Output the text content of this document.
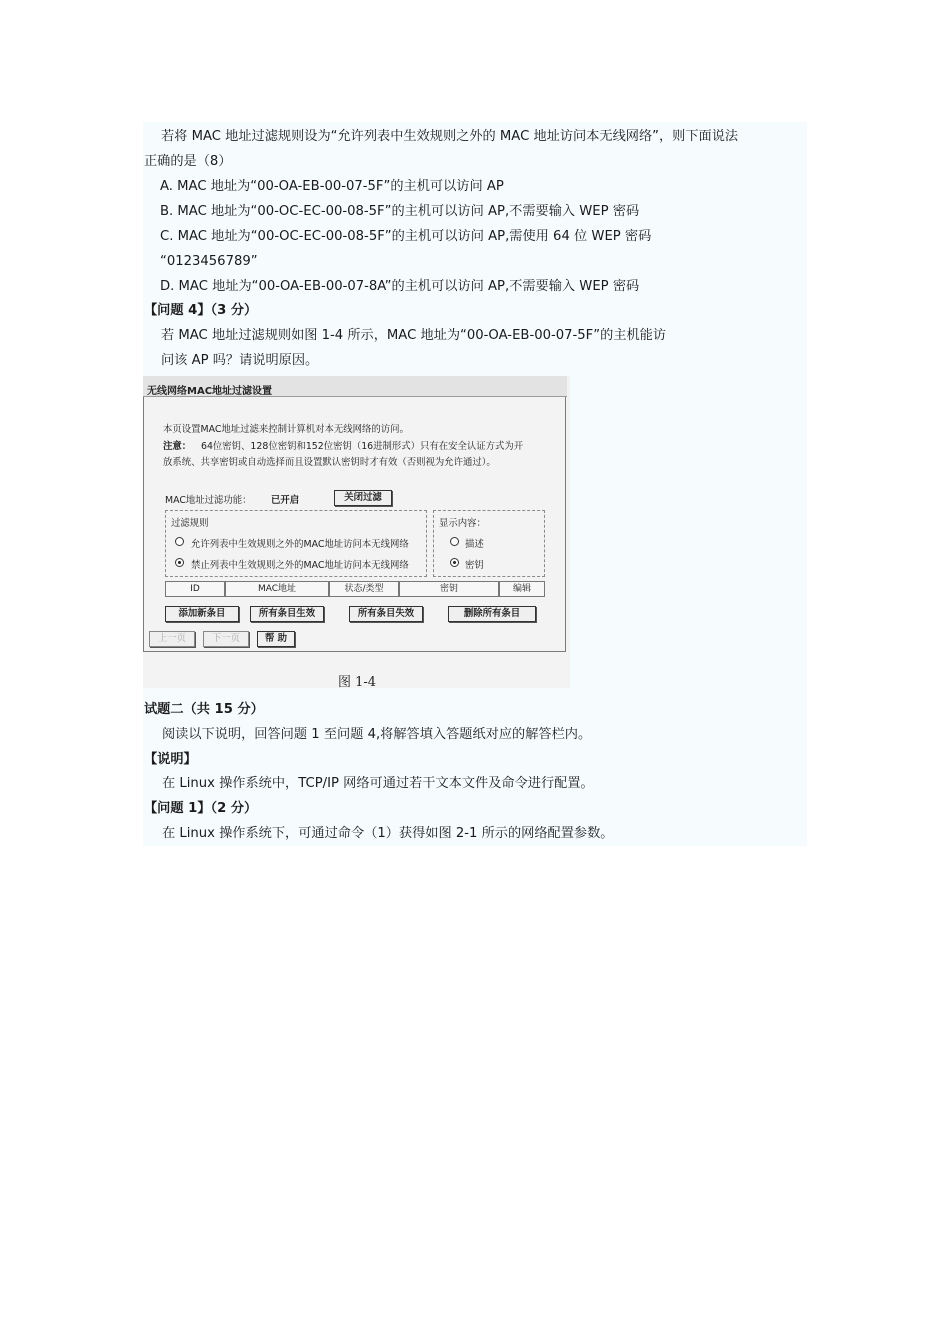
若将 MAC 地址过滤规则设为“允许列表中生效规则之外的 MAC 地址访问本无线网络”，则下面说法
正确的是（8）
A. MAC 地址为“00-OA-EB-00-07-5F”的主机可以访问 AP
B. MAC 地址为“00-OC-EC-00-08-5F”的主机可以访问 AP,不需要输入 WEP 密码
C. MAC 地址为“00-OC-EC-00-08-5F”的主机可以访问 AP,需使用 64 位 WEP 密码
“0123456789”
D. MAC 地址为“00-OA-EB-00-07-8A”的主机可以访问 AP,不需要输入 WEP 密码
【问题 4】（3 分）
若 MAC 地址过滤规则如图 1-4 所示，MAC 地址为“00-OA-EB-00-07-5F”的主机能访
问该 AP 吗？请说明原因。
无线网络MAC地址过滤设置
本页设置MAC地址过滤来控制计算机对本无线网络的访问。
注意： 64位密钥、128位密钥和152位密钥（16进制形式）只有在安全认证方式为开
放系统、共享密钥或自动选择而且设置默认密钥时才有效（否则视为允许通过）。
MAC地址过滤功能： 已开启	关闭过滤
过滤规则
允许列表中生效规则之外的MAC地址访问本无线网络
禁止列表中生效规则之外的MAC地址访问本无线网络
显示内容：
描述
密钥
ID	MAC地址	状态/类型	密钥	编辑
添加新条目	所有条目生效	所有条目失效	删除所有条目
上一页	下一页	帮 助
图 1-4
试题二（共 15 分）
阅读以下说明，回答问题 1 至问题 4,将解答填入答题纸对应的解答栏内。
【说明】
在 Linux 操作系统中，TCP/IP 网络可通过若干文本文件及命令进行配置。
【问题 1】（2 分）
在 Linux 操作系统下，可通过命令（1）获得如图 2-1 所示的网络配置参数。
